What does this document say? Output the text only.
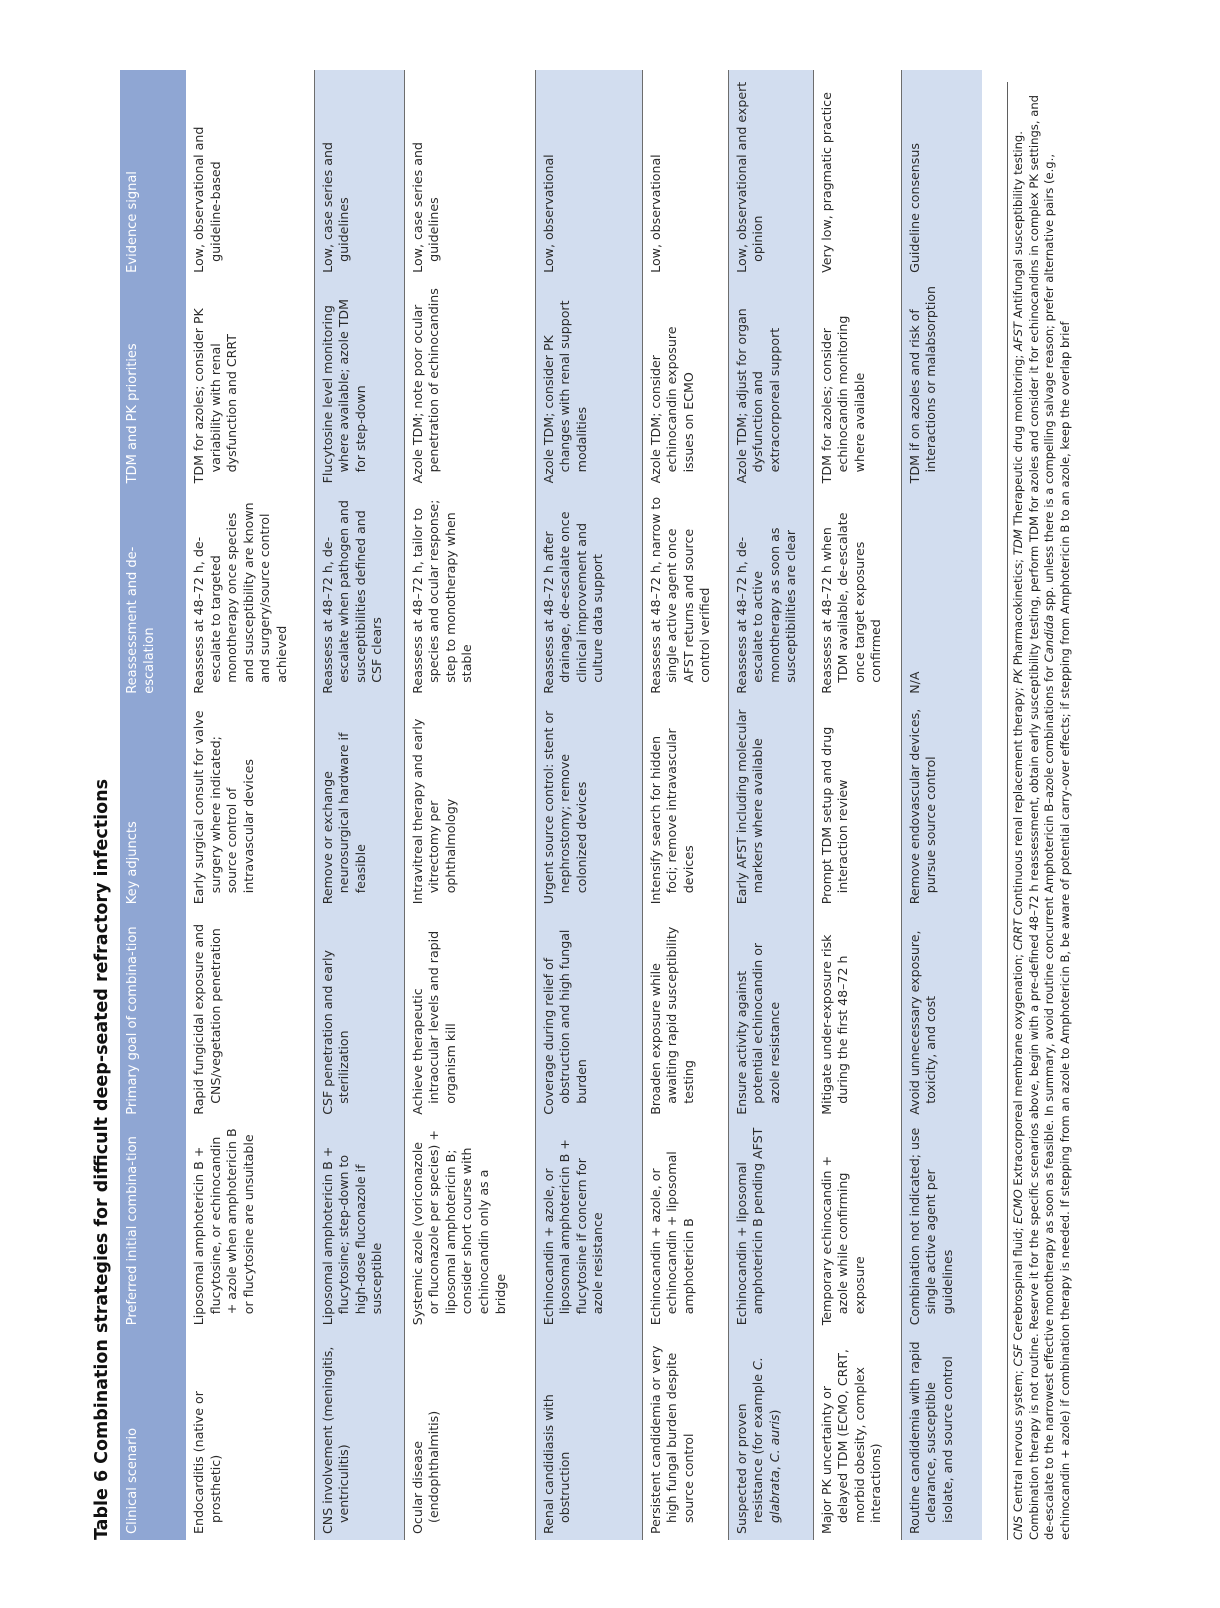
Table 6Combination strategies for difficult deep-seated refractory infections
Clinical scenario	Preferred initial combina-tion	Primary goal of combina-tion	Key adjuncts	Reassessment and de-escalation	TDM and PK priorities	Evidence signal

Endocarditis (native or prosthetic)	Liposomal amphotericin B + flucytosine, or echinocandin + azole when amphotericin B or flucytosine are unsuitable	Rapid fungicidal exposure and CNS/vegetation penetration	Early surgical consult for valve surgery where indicated; source control of intravascular devices	Reassess at 48–72 h, de-escalate to targeted monotherapy once species and susceptibility are known and surgery/source control achieved	TDM for azoles; consider PK variability with renal dysfunction and CRRT	Low, observational and guideline-based

CNS involvement (meningitis, ventriculitis)	Liposomal amphotericin B + flucytosine; step-down to high-dose fluconazole if susceptible	CSF penetration and early sterilization	Remove or exchange neurosurgical hardware if feasible	Reassess at 48–72 h, de-escalate when pathogen and susceptibilities defined and CSF clears	Flucytosine level monitoring where available; azole TDM for step-down	Low, case series and guidelines

Ocular disease (endophthalmitis)	Systemic azole (voriconazole or fluconazole per species) + liposomal amphotericin B; consider short course with echinocandin only as a bridge	Achieve therapeutic intraocular levels and rapid organism kill	Intravitreal therapy and early vitrectomy per ophthalmology	Reassess at 48–72 h, tailor to species and ocular response; step to monotherapy when stable	Azole TDM; note poor ocular penetration of echinocandins	Low, case series and guidelines

Renal candidiasis with obstruction	Echinocandin + azole, or liposomal amphotericin B + flucytosine if concern for azole resistance	Coverage during relief of obstruction and high fungal burden	Urgent source control: stent or nephrostomy; remove colonized devices	Reassess at 48–72 h after drainage, de-escalate once clinical improvement and culture data support	Azole TDM; consider PK changes with renal support modalities	Low, observational

Persistent candidemia or very high fungal burden despite source control	Echinocandin + azole, or echinocandin + liposomal amphotericin B	Broaden exposure while awaiting rapid susceptibility testing	Intensify search for hidden foci; remove intravascular devices	Reassess at 48–72 h, narrow to single active agent once AFST returns and source control verified	Azole TDM; consider echinocandin exposure issues on ECMO	Low, observational

Suspected or proven resistance (for example C. glabrata, C. auris)	Echinocandin + liposomal amphotericin B pending AFST	Ensure activity against potential echinocandin or azole resistance	Early AFST including molecular markers where available	Reassess at 48–72 h, de-escalate to active monotherapy as soon as susceptibilities are clear	Azole TDM; adjust for organ dysfunction and extracorporeal support	Low, observational and expert opinion

Major PK uncertainty or delayed TDM (ECMO, CRRT, morbid obesity, complex interactions)	Temporary echinocandin + azole while confirming exposure	Mitigate under-exposure risk during the first 48–72 h	Prompt TDM setup and drug interaction review	Reassess at 48–72 h when TDM available, de-escalate once target exposures confirmed	TDM for azoles; consider echinocandin monitoring where available	Very low, pragmatic practice

Routine candidemia with rapid clearance, susceptible isolate, and source control	Combination not indicated; use single active agent per guidelines	Avoid unnecessary exposure, toxicity, and cost	Remove endovascular devices, pursue source control	N/A	TDM if on azoles and risk of interactions or malabsorption	Guideline consensus
CNS Central nervous system; CSF Cerebrospinal fluid; ECMO Extracorporeal membrane oxygenation; CRRT Continuous renal replacement therapy; PK Pharmacokinetics; TDM Therapeutic drug monitoring; AFST Antifungal susceptibility testing. Combination therapy is not routine. Reserve it for the specific scenarios above, begin with a pre-defined 48–72 h reassessment, obtain early susceptibility testing, perform TDM for azoles and consider it for echinocandins in complex PK settings, and de-escalate to the narrowest effective monotherapy as soon as feasible. In summary, avoid routine concurrent Amphotericin B–azole combinations for Candida spp. unless there is a compelling salvage reason; prefer alternative pairs (e.g., echinocandin + azole) if combination therapy is needed. If stepping from an azole to Amphotericin B, be aware of potential carry-over effects; if stepping from Amphotericin B to an azole, keep the overlap brief
